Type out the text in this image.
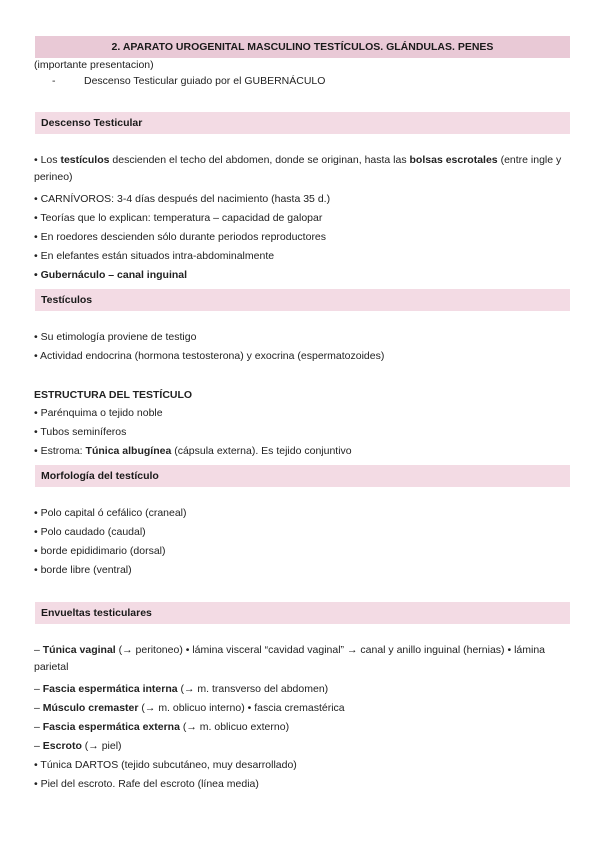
2. APARATO UROGENITAL MASCULINO TESTÍCULOS. GLÁNDULAS. PENES
(importante presentacion)
-	Descenso Testicular guiado por el GUBERNÁCULO
Descenso Testicular
• Los testículos descienden el techo del abdomen, donde se originan, hasta las bolsas escrotales (entre ingle y perineo)
• CARNÍVOROS: 3-4 días después del nacimiento (hasta 35 d.)
• Teorías que lo explican: temperatura – capacidad de galopar
• En roedores descienden sólo durante periodos reproductores
• En elefantes están situados intra-abdominalmente
• Gubernáculo – canal inguinal
Testículos
• Su etimología proviene de testigo
• Actividad endocrina (hormona testosterona) y exocrina (espermatozoides)
ESTRUCTURA DEL TESTÍCULO
• Parénquima o tejido noble
• Tubos seminíferos
• Estroma: Túnica albugínea (cápsula externa). Es tejido conjuntivo
Morfología del testículo
• Polo capital ó cefálico (craneal)
• Polo caudado (caudal)
• borde epididimario (dorsal)
• borde libre (ventral)
Envueltas testiculares
– Túnica vaginal (→ peritoneo) • lámina visceral “cavidad vaginal” → canal y anillo inguinal (hernias) • lámina parietal
– Fascia espermática interna (→ m. transverso del abdomen)
– Músculo cremaster (→ m. oblicuo interno) • fascia cremastérica
– Fascia espermática externa (→ m. oblicuo externo)
– Escroto (→ piel)
• Túnica DARTOS (tejido subcutáneo, muy desarrollado)
• Piel del escroto. Rafe del escroto (línea media)
